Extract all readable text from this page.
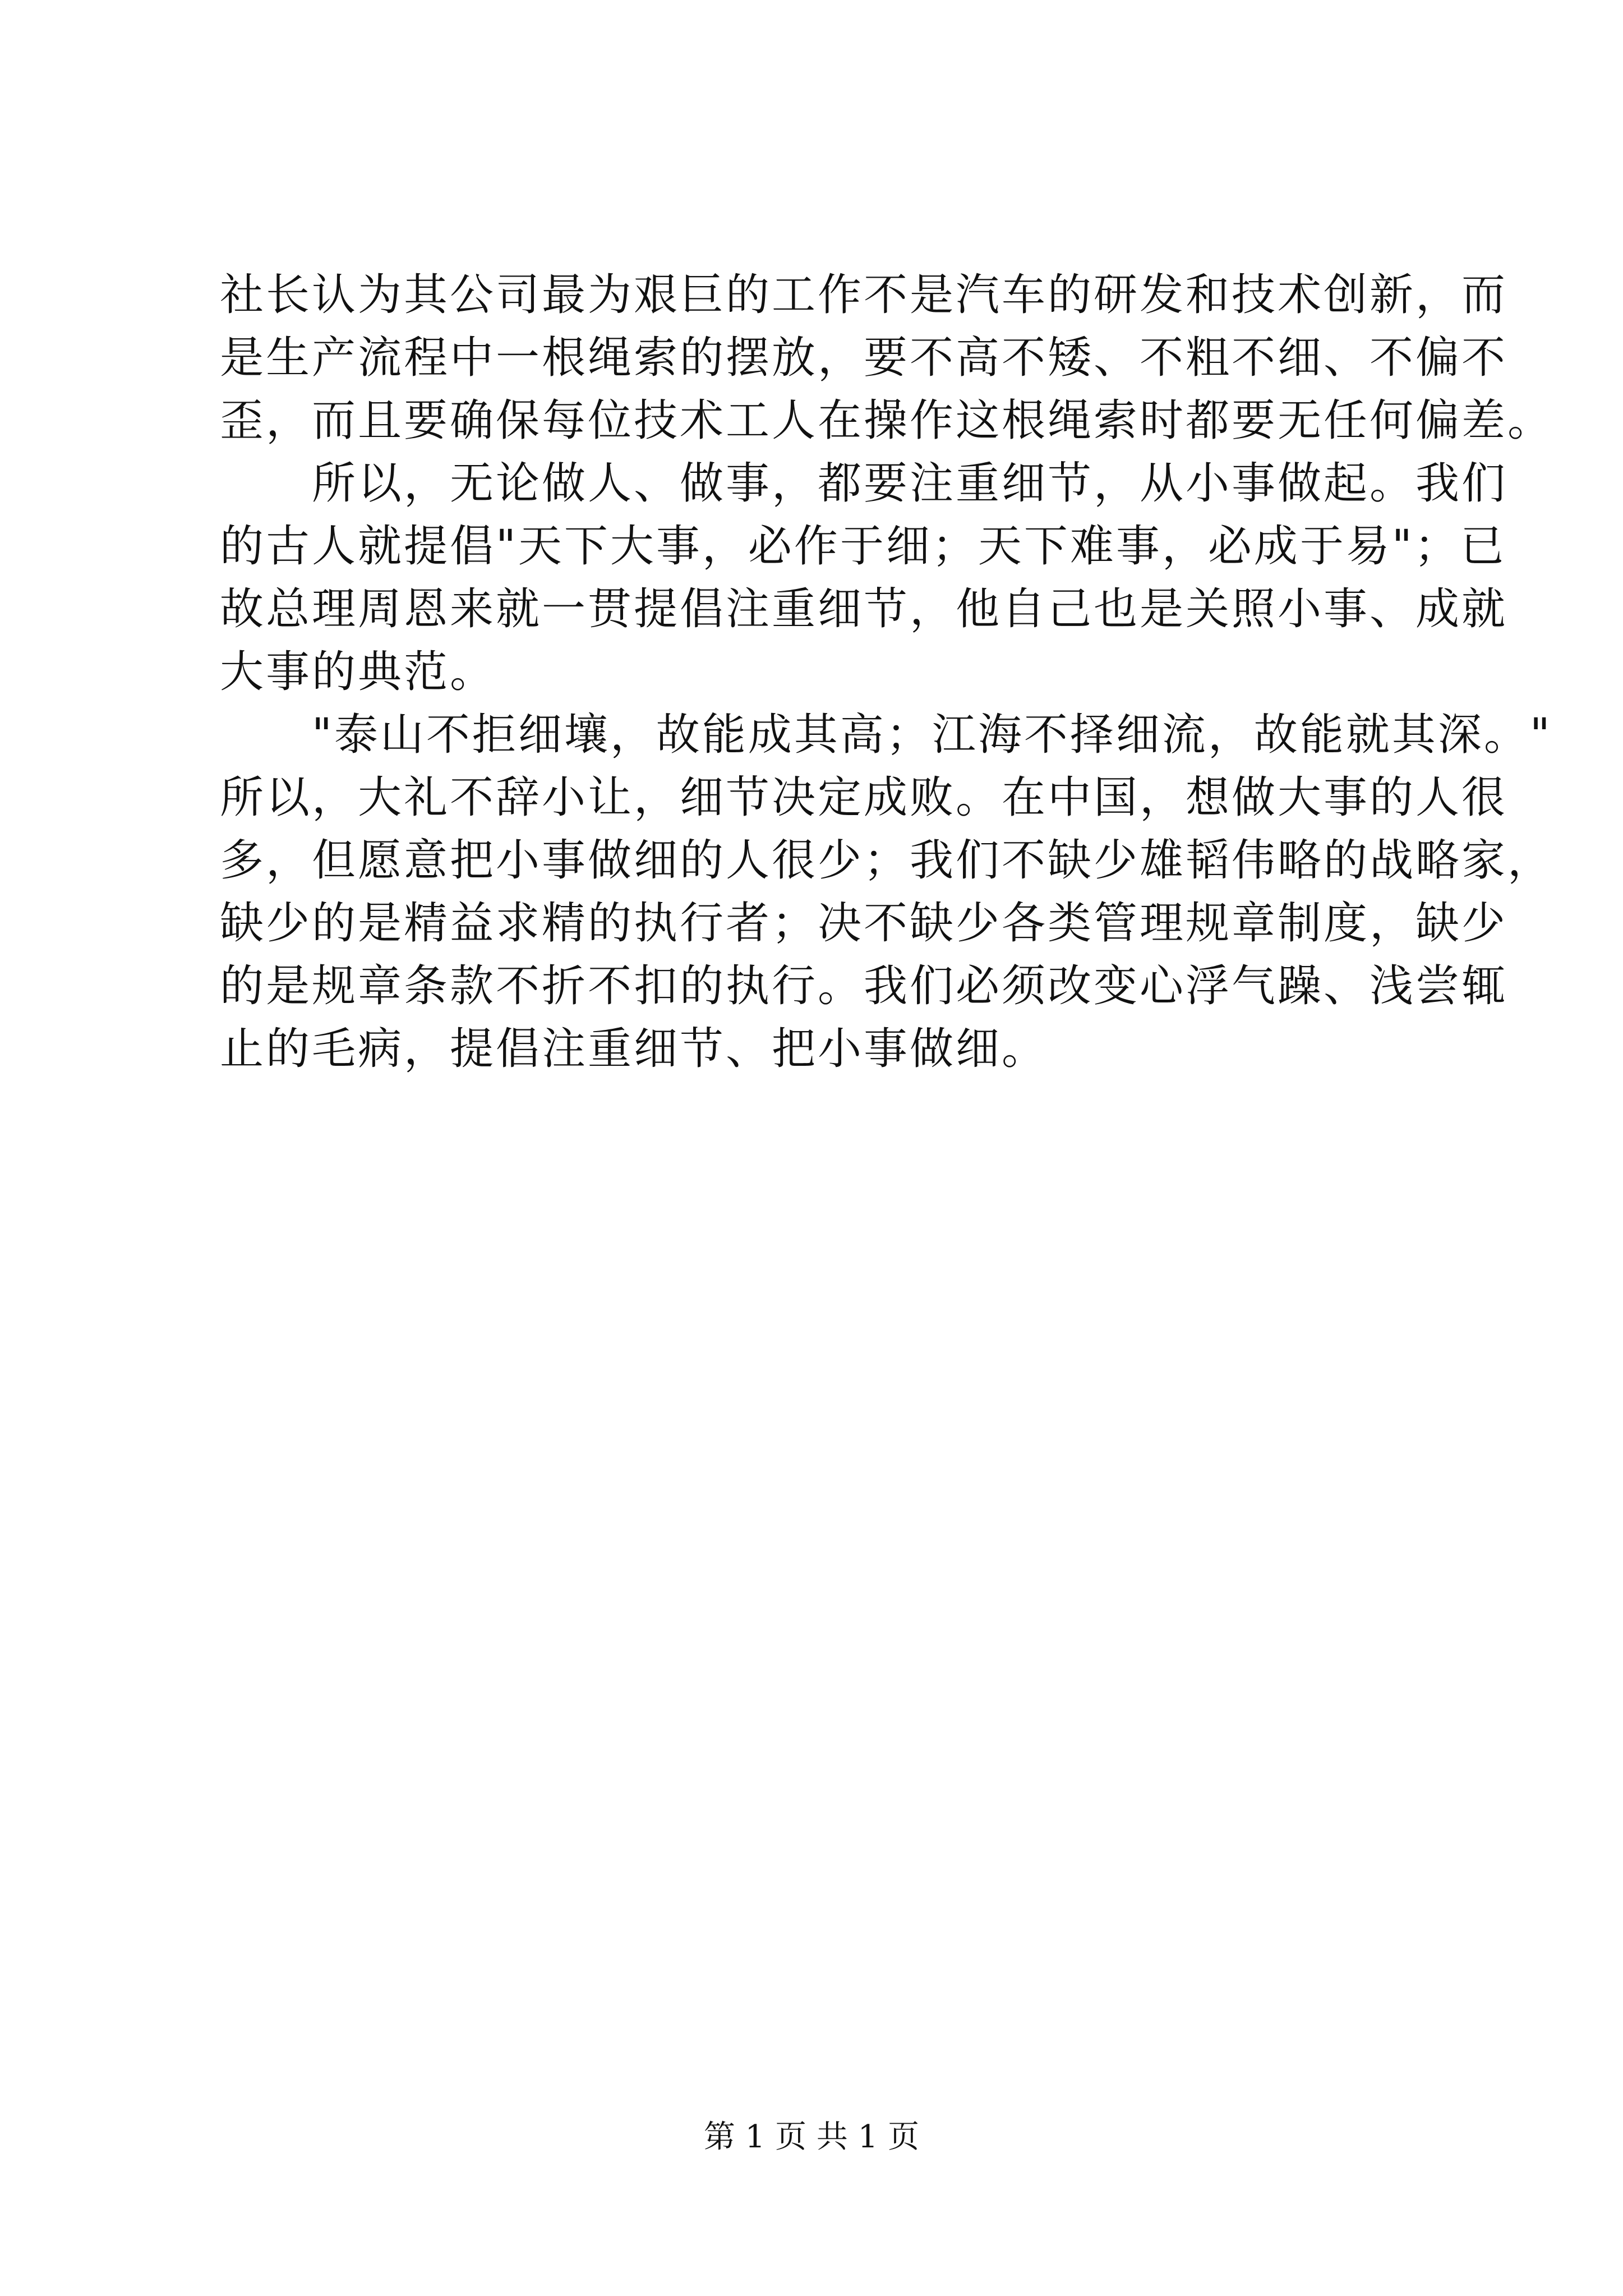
社长认为其公司最为艰巨的工作不是汽车的研发和技术创新，而
是生产流程中一根绳索的摆放，要不高不矮、不粗不细、不偏不
歪，而且要确保每位技术工人在操作这根绳索时都要无任何偏差。
　　所以，无论做人、做事，都要注重细节，从小事做起。我们
的古人就提倡"天下大事，必作于细；天下难事，必成于易"；已
故总理周恩来就一贯提倡注重细节，他自己也是关照小事、成就
大事的典范。
　　"泰山不拒细壤，故能成其高；江海不择细流，故能就其深。"
所以，大礼不辞小让，细节决定成败。在中国，想做大事的人很
多，但愿意把小事做细的人很少；我们不缺少雄韬伟略的战略家，
缺少的是精益求精的执行者；决不缺少各类管理规章制度，缺少
的是规章条款不折不扣的执行。我们必须改变心浮气躁、浅尝辄
止的毛病，提倡注重细节、把小事做细。
第 1 页 共 1 页
